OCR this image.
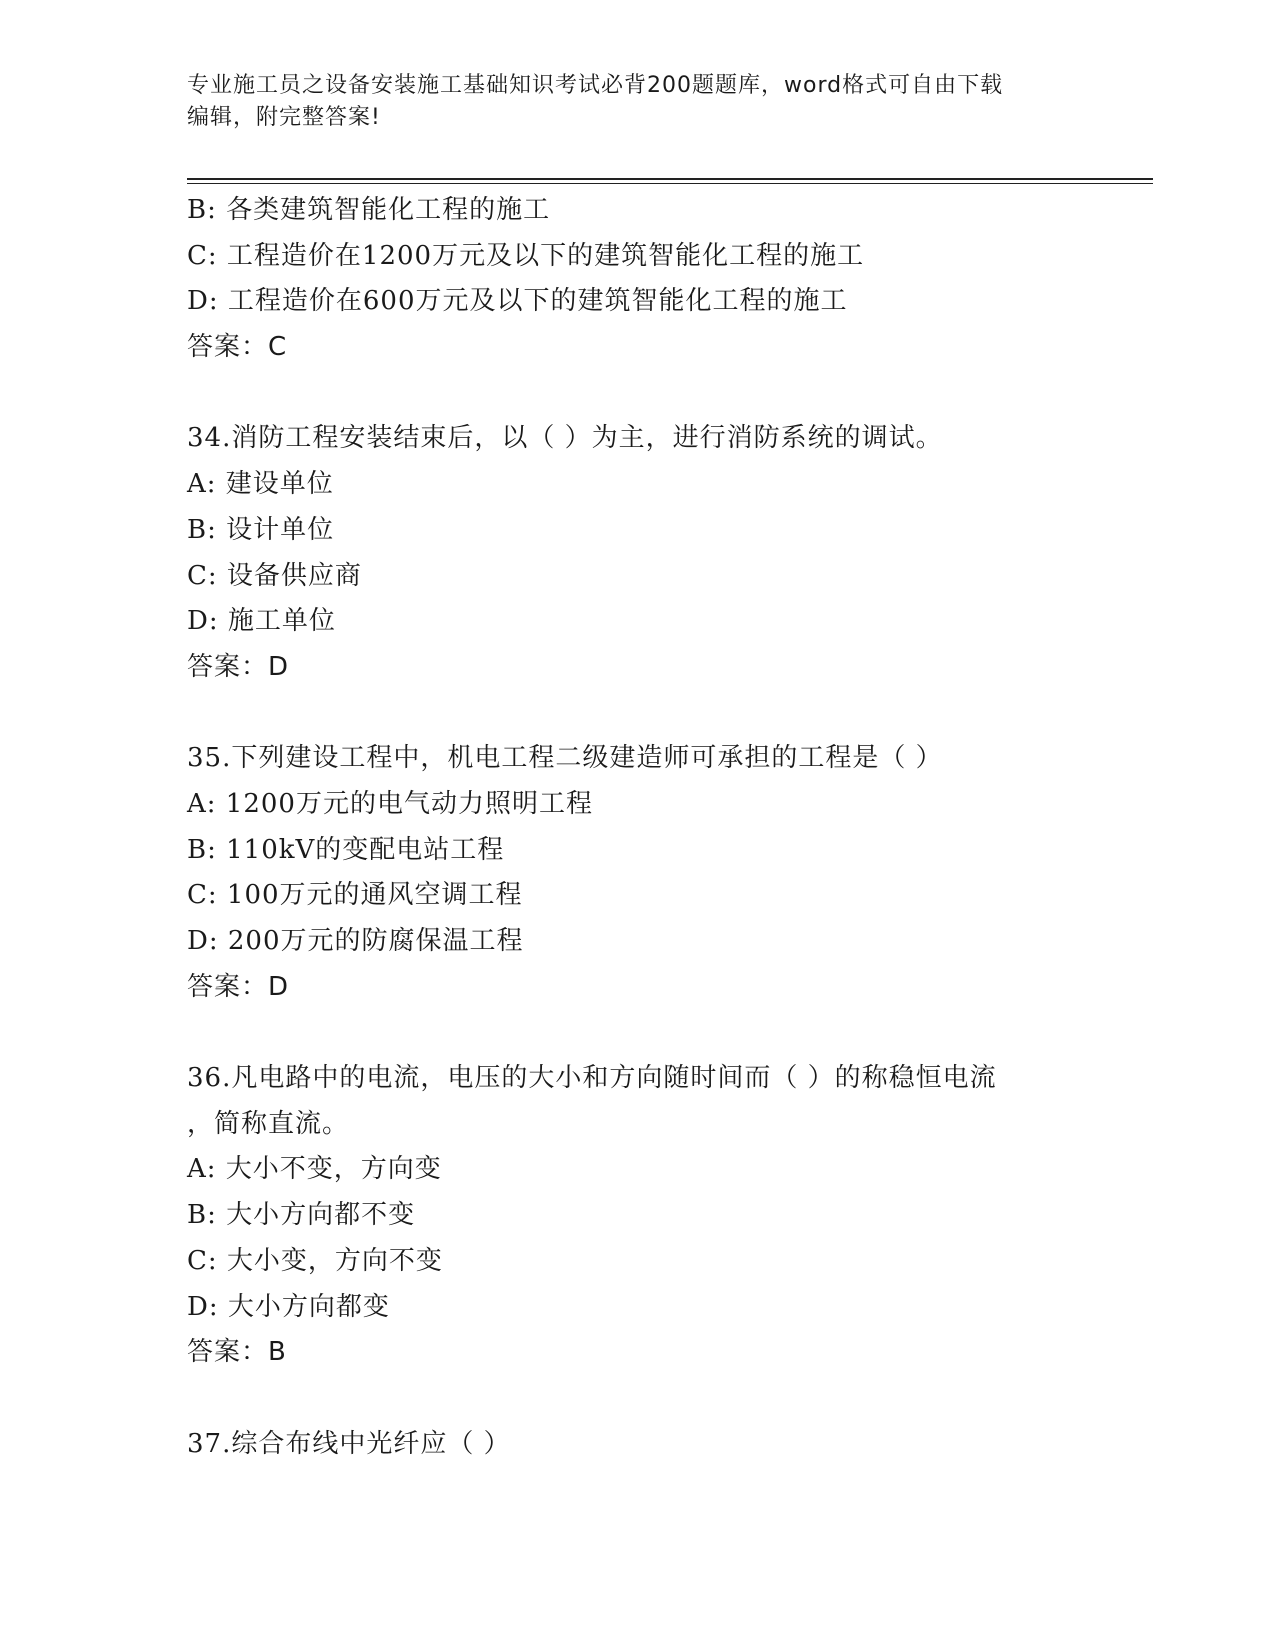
专业施工员之设备安装施工基础知识考试必背200题题库，word格式可自由下载
编辑，附完整答案!
B: 各类建筑智能化工程的施工
C: 工程造价在1200万元及以下的建筑智能化工程的施工
D: 工程造价在600万元及以下的建筑智能化工程的施工
答案：C
34.消防工程安装结束后，以（ ）为主，进行消防系统的调试。
A: 建设单位
B: 设计单位
C: 设备供应商
D: 施工单位
答案：D
35.下列建设工程中，机电工程二级建造师可承担的工程是（ ）
A: 1200万元的电气动力照明工程
B: 110kV的变配电站工程
C: 100万元的通风空调工程
D: 200万元的防腐保温工程
答案：D
36.凡电路中的电流，电压的大小和方向随时间而（ ）的称稳恒电流
，简称直流。
A: 大小不变，方向变
B: 大小方向都不变
C: 大小变，方向不变
D: 大小方向都变
答案：B
37.综合布线中光纤应（ ）
